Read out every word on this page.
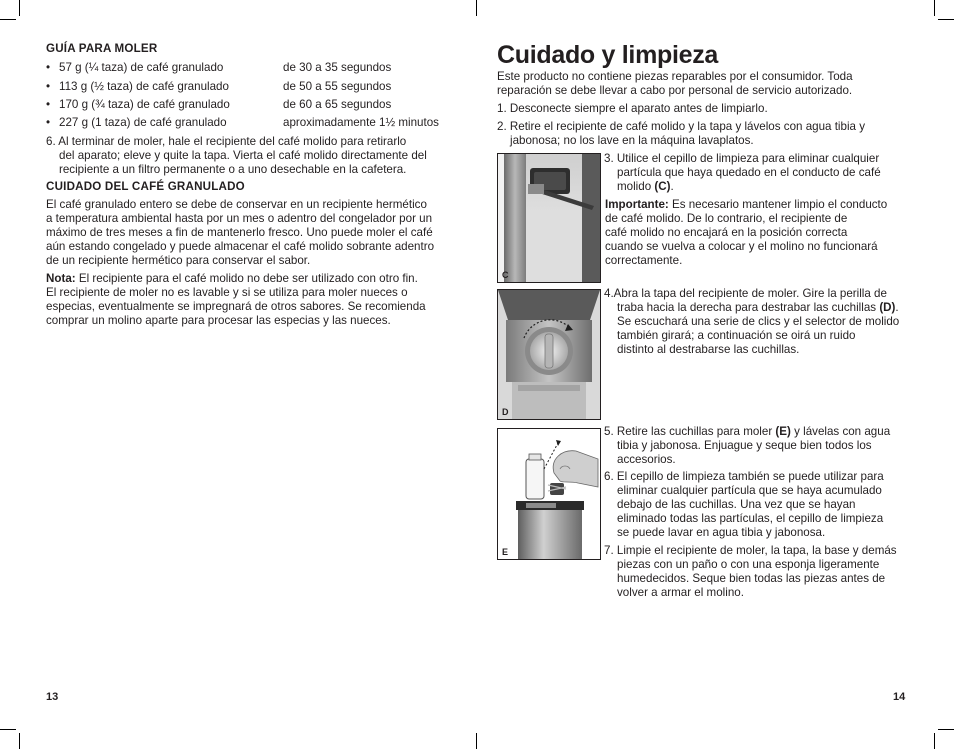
GUÍA PARA MOLER
• 57 g (¼ taza) de café granulado	de 30 a 35 segundos
• 113 g (½ taza) de café granulado	de 50 a 55 segundos
• 170 g (¾ taza) de café granulado	de 60 a 65 segundos
• 227 g (1 taza) de café granulado	aproximadamente 1½ minutos
6. Al terminar de moler, hale el recipiente del café molido para retirarlo
del aparato; eleve y quite la tapa. Vierta el café molido directamente del
recipiente a un filtro permanente o a uno desechable en la cafetera.
CUIDADO DEL CAFÉ GRANULADO
El café granulado entero se debe de conservar en un recipiente hermético
a temperatura ambiental hasta por un mes o adentro del congelador por un
máximo de tres meses a fin de mantenerlo fresco. Uno puede moler el café
aún estando congelado y puede almacenar el café molido sobrante adentro
de un recipiente hermético para conservar el sabor.
Nota: El recipiente para el café molido no debe ser utilizado con otro fin.
El recipiente de moler no es lavable y si se utiliza para moler nueces o
especias, eventualmente se impregnará de otros sabores. Se recomienda
comprar un molino aparte para procesar las especias y las nueces.
13
Cuidado y limpieza
Este producto no contiene piezas reparables por el consumidor. Toda
reparación se debe llevar a cabo por personal de servicio autorizado.
1. Desconecte siempre el aparato antes de limpiarlo.
2. Retire el recipiente de café molido y la tapa y lávelos con agua tibia y
jabonosa; no los lave en la máquina lavaplatos.
C
3. Utilice el cepillo de limpieza para eliminar cualquier
partícula que haya quedado en el conducto de café
molido (C).
Importante: Es necesario mantener limpio el conducto
de café molido. De lo contrario, el recipiente de
café molido no encajará en la posición correcta
cuando se vuelva a colocar y el molino no funcionará
correctamente.
D
4.Abra la tapa del recipiente de moler. Gire la perilla de
traba hacia la derecha para destrabar las cuchillas (D).
Se escuchará una serie de clics y el selector de molido
también girará; a continuación se oirá un ruido
distinto al destrabarse las cuchillas.
E
5. Retire las cuchillas para moler (E) y lávelas con agua
tibia y jabonosa. Enjuague y seque bien todos los
accesorios.
6. El cepillo de limpieza también se puede utilizar para
eliminar cualquier partícula que se haya acumulado
debajo de las cuchillas. Una vez que se hayan
eliminado todas las partículas, el cepillo de limpieza
se puede lavar en agua tibia y jabonosa.
7. Limpie el recipiente de moler, la tapa, la base y demás
piezas con un paño o con una esponja ligeramente
humedecidos. Seque bien todas las piezas antes de
volver a armar el molino.
14
